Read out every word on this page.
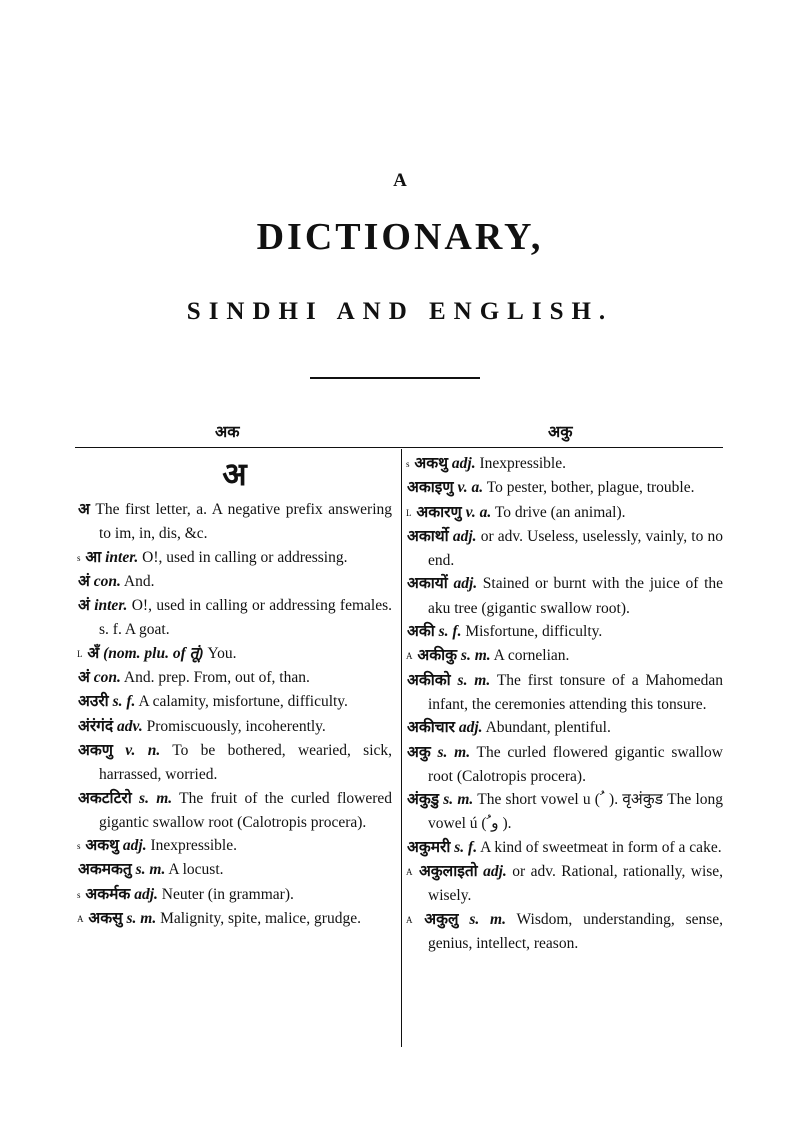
A
DICTIONARY,
SINDHI AND ENGLISH.
अक	अकु
अ

अ The first letter, a. A negative prefix answering to im, in, dis, &c.

s आ inter. O!, used in calling or addressing.

अं con. And.

अं inter. O!, used in calling or addressing females. s. f. A goat.

L अँ (nom. plu. of तूं) You.

अंं con. And. prep. From, out of, than.

अउरी s. f. A calamity, misfortune, difficulty.

अंरंगंदं adv. Promiscuously, incoherently.

अकणु v. n. To be bothered, wearied, sick, harrassed, worried.

अकटटिरो s. m. The fruit of the curled flowered gigantic swallow root (Calotropis procera).

s अकथु adj. Inexpressible.

अकमकतु s. m. A locust.

s अकर्मक adj. Neuter (in grammar).

A अकसु s. m. Malignity, spite, malice, grudge.

s अकथु adj. Inexpressible.

अकाइणु v. a. To pester, bother, plague, trouble.

L अकारणु v. a. To drive (an animal).

अकार्थो adj. or adv. Useless, uselessly, vainly, to no end.

अकायों adj. Stained or burnt with the juice of the aku tree (gigantic swallow root).

अकी s. f. Misfortune, difficulty.

A अकीकु s. m. A cornelian.

अकीको s. m. The first tonsure of a Mahomedan infant, the ceremonies attending this tonsure.

अकीचार adj. Abundant, plentiful.

अकु s. m. The curled flowered gigantic swallow root (Calotropis procera).

अंकुडु s. m. The short vowel u ( ُ ). वृअंकुड The long vowel ú ( ُو ).

अकुमरी s. f. A kind of sweetmeat in form of a cake.

A अकुलाइतो adj. or adv. Rational, rationally, wise, wisely.

A अकुलु s. m. Wisdom, understanding, sense, genius, intellect, reason.
